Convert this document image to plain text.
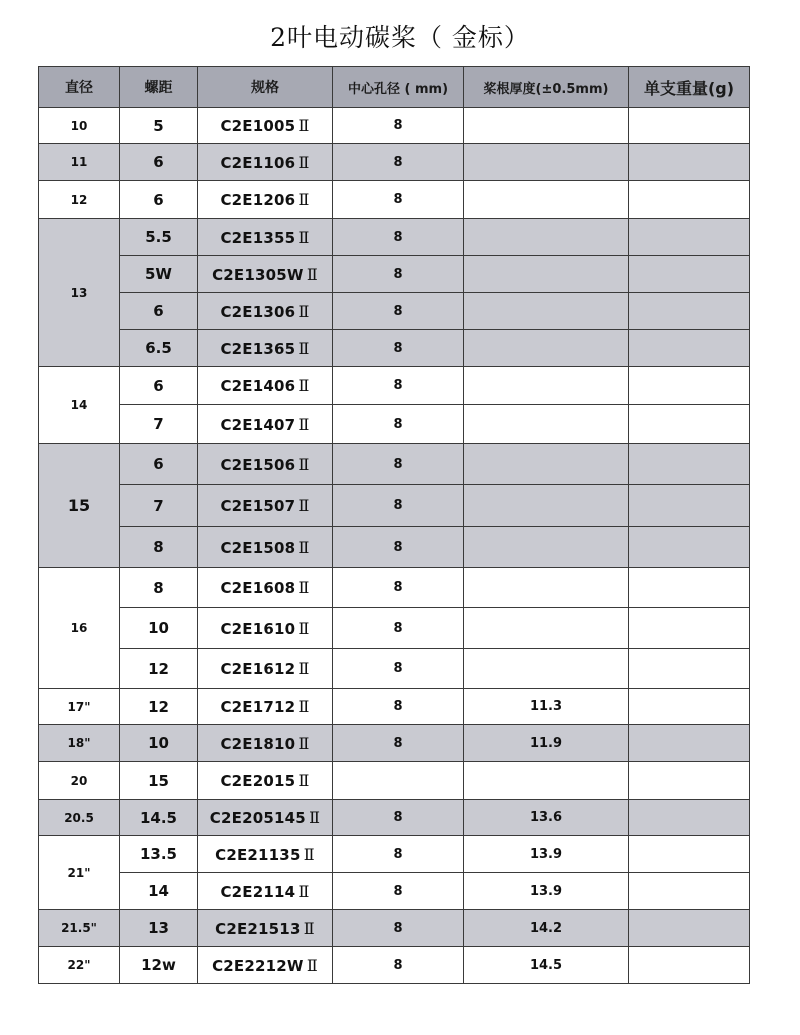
2叶电动碳桨（ 金标）
直径	螺距	规格	中心孔径 ( mm)	桨根厚度(±0.5mm)	单支重量(g)
10	5	C2E1005  Ⅱ	8		
11	6	C2E1106  Ⅱ	8		
12	6	C2E1206  Ⅱ	8		
13	5.5	C2E1355  Ⅱ	8		
	5W	C2E1305W  Ⅱ	8		
	6	C2E1306  Ⅱ	8		
	6.5	C2E1365  Ⅱ	8		
14	6	C2E1406  Ⅱ	8		
	7	C2E1407  Ⅱ	8		
15	6	C2E1506  Ⅱ	8		
	7	C2E1507  Ⅱ	8		
	8	C2E1508  Ⅱ	8		
16	8	C2E1608  Ⅱ	8		
	10	C2E1610  Ⅱ	8		
	12	C2E1612  Ⅱ	8		
17"	12	C2E1712  Ⅱ	8	11.3	
18"	10	C2E1810  Ⅱ	8	11.9	
20	15	C2E2015  Ⅱ			
20.5	14.5	C2E205145  Ⅱ	8	13.6	
21"	13.5	C2E21135  Ⅱ	8	13.9	
	14	C2E2114  Ⅱ	8	13.9	
21.5"	13	C2E21513  Ⅱ	8	14.2	
22"	12w	C2E2212W  Ⅱ	8	14.5	
